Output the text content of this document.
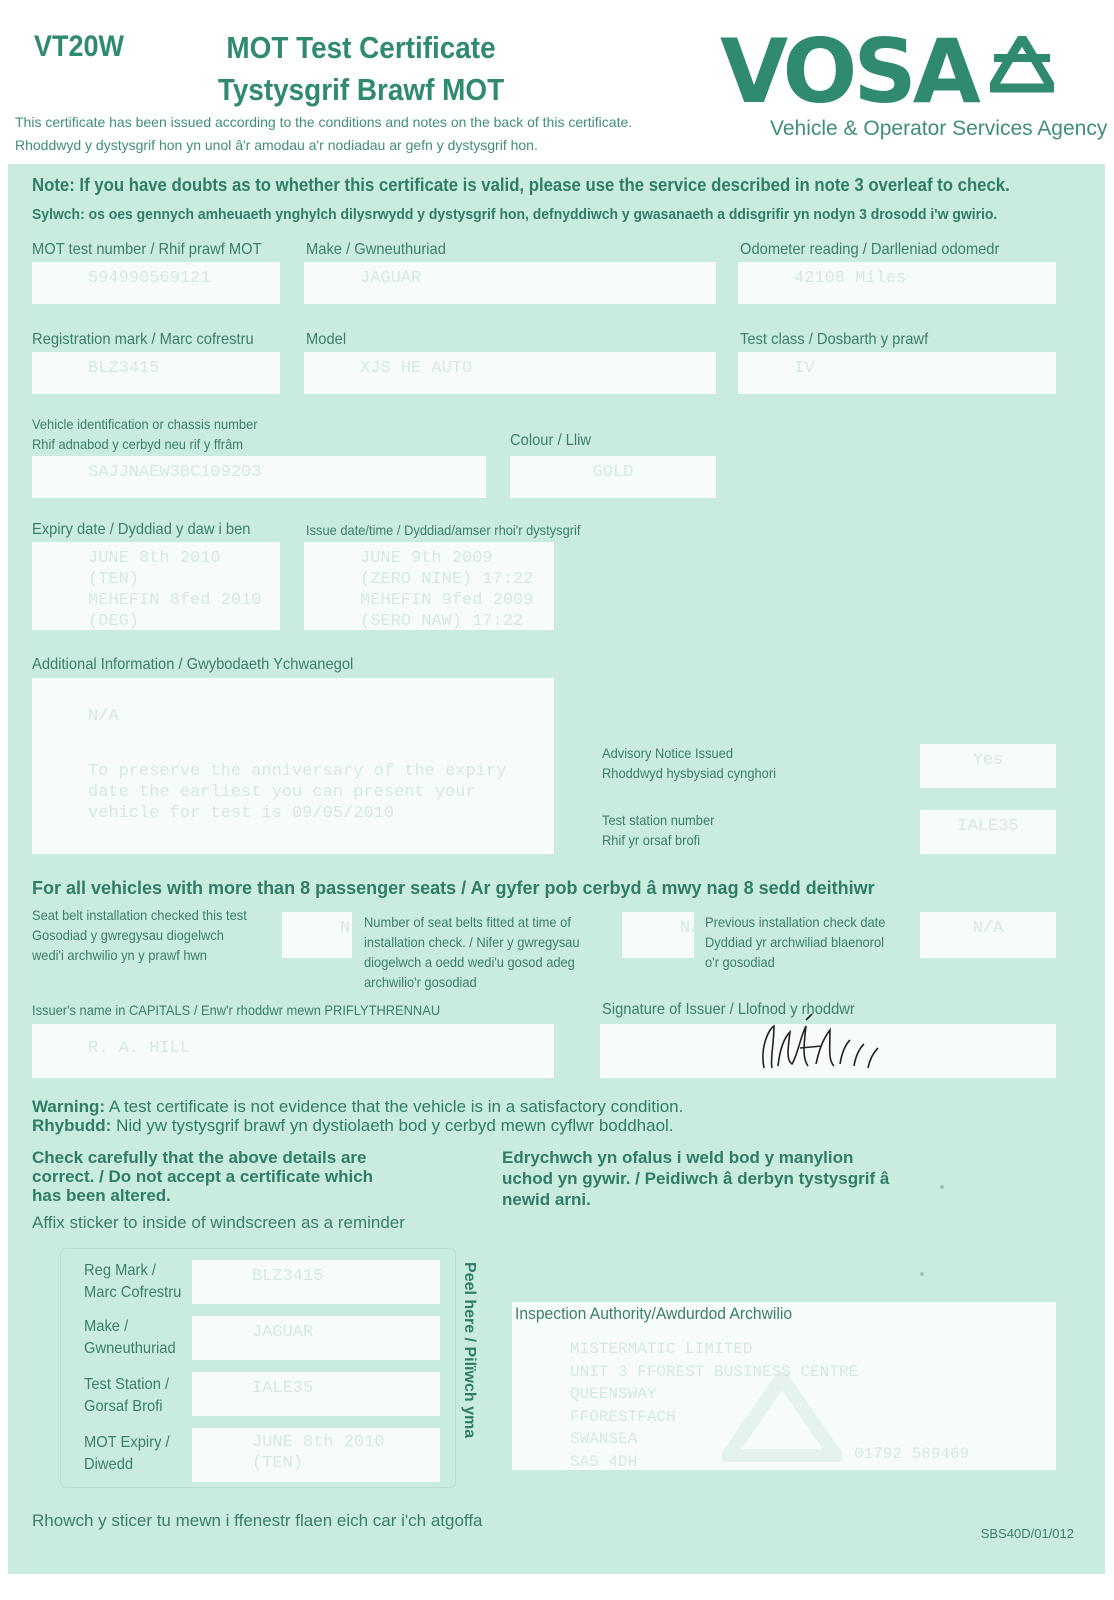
VT20W	MOT Test Certificate
Tystysgrif Brawf MOT
This certificate has been issued according to the conditions and notes on the back of this certificate.
Rhoddwyd y dystysgrif hon yn unol â'r amodau a'r nodiadau ar gefn y dystysgrif hon.
VOSA
Vehicle & Operator Services Agency
Note: If you have doubts as to whether this certificate is valid, please use the service described in note 3 overleaf to check.
Sylwch: os oes gennych amheuaeth ynghylch dilysrwydd y dystysgrif hon, defnyddiwch y gwasanaeth a ddisgrifir yn nodyn 3 drosodd i'w gwirio.
MOT test number / Rhif prawf MOT
594990569121
Make / Gwneuthuriad
JAGUAR
Odometer reading / Darlleniad odomedr
42108 Miles
Registration mark / Marc cofrestru
BLZ3415
Model
XJS HE AUTO
Test class / Dosbarth y prawf
IV
Vehicle identification or chassis number
Rhif adnabod y cerbyd neu rif y ffrâm
SAJJNAEW3BC109203
Colour / Lliw
GOLD
Expiry date / Dyddiad y daw i ben
JUNE 8th 2010
(TEN)
MEHEFIN 8fed 2010
(DEG)
Issue date/time / Dyddiad/amser rhoi'r dystysgrif
JUNE 9th 2009
(ZERO NINE) 17:22
MEHEFIN 9fed 2009
(SERO NAW) 17:22
Additional Information / Gwybodaeth Ychwanegol
N/A
To preserve the anniversary of the expiry
date the earliest you can present your
vehicle for test is 09/05/2010
Advisory Notice Issued
Rhoddwyd hysbysiad cynghori
Yes
Test station number
Rhif yr orsaf brofi
IALE35
For all vehicles with more than 8 passenger seats / Ar gyfer pob cerbyd â mwy nag 8 sedd deithiwr
Seat belt installation checked this test
Gosodiad y gwregysau diogelwch
wedi'i archwilio yn y prawf hwn
N/A
Number of seat belts fitted at time of
installation check. / Nifer y gwregysau
diogelwch a oedd wedi'u gosod adeg
archwilio'r gosodiad
N/A
Previous installation check date
Dyddiad yr archwiliad blaenorol
o'r gosodiad
N/A
Issuer's name in CAPITALS / Enw'r rhoddwr mewn PRIFLYTHRENNAU
R. A. HILL
Signature of Issuer / Llofnod y rhoddwr
Warning: A test certificate is not evidence that the vehicle is in a satisfactory condition.
Rhybudd: Nid yw tystysgrif brawf yn dystiolaeth bod y cerbyd mewn cyflwr boddhaol.
Check carefully that the above details are
correct. / Do not accept a certificate which
has been altered.
Edrychwch yn ofalus i weld bod y manylion
uchod yn gywir. / Peidiwch â derbyn tystysgrif â
newid arni.
Affix sticker to inside of windscreen as a reminder
Reg Mark /
Marc Cofrestru
BLZ3415
Make /
Gwneuthuriad
JAGUAR
Test Station /
Gorsaf Brofi
IALE35
MOT Expiry /
Diwedd
JUNE 8th 2010
(TEN)
Peel here / Pilïwch yma Inspection Authority/Awdurdod Archwilio
MISTERMATIC LIMITED
UNIT 3 FFOREST BUSINESS CENTRE
QUEENSWAY
FFORESTFACH
SWANSEA
SA5 4DH	01792 589469
Rhowch y sticer tu mewn i ffenestr flaen eich car i'ch atgoffa
SBS40D/01/012
